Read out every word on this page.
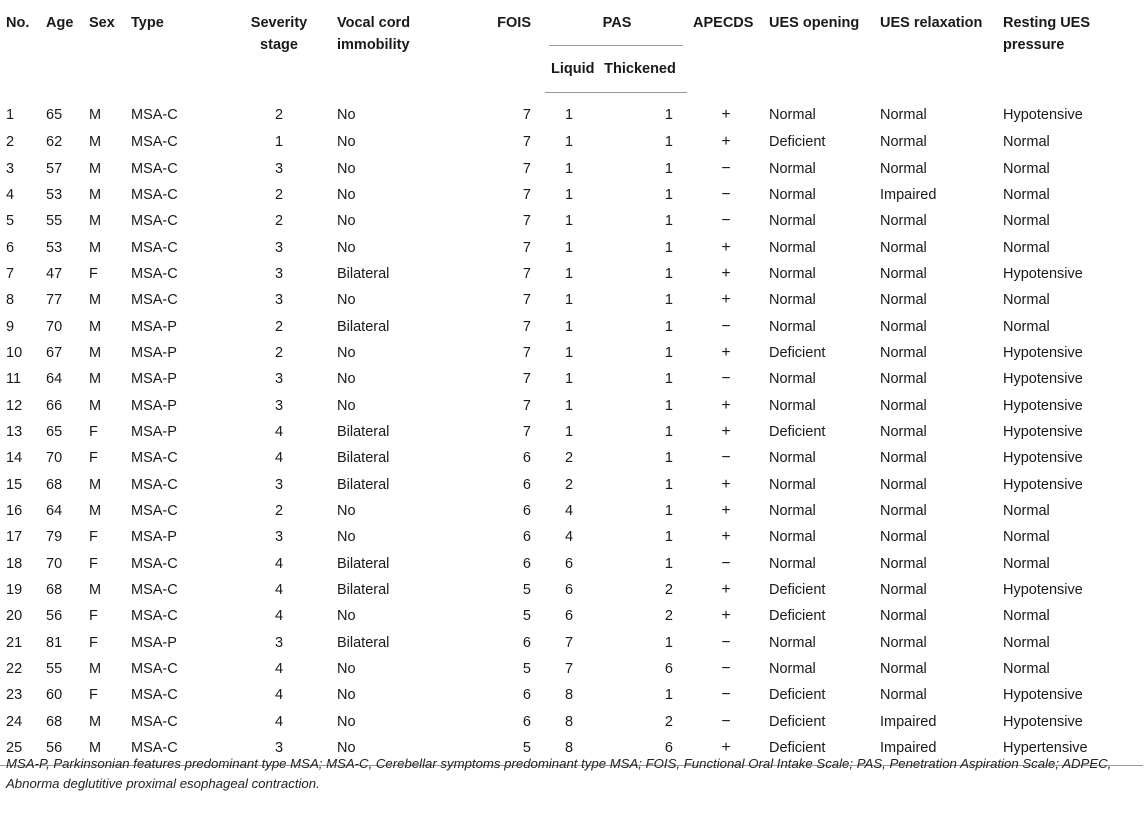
No.	Age	Sex	Type	Severity stage	Vocal cord immobility	FOIS	PAS		APECDS	UES opening	UES relaxation	Resting UES pressure
							Liquid	Thickened				
1	65	M	MSA-C	2	No	7	1	1	+	Normal	Normal	Hypotensive
2	62	M	MSA-C	1	No	7	1	1	+	Deficient	Normal	Normal
3	57	M	MSA-C	3	No	7	1	1	−	Normal	Normal	Normal
4	53	M	MSA-C	2	No	7	1	1	−	Normal	Impaired	Normal
5	55	M	MSA-C	2	No	7	1	1	−	Normal	Normal	Normal
6	53	M	MSA-C	3	No	7	1	1	+	Normal	Normal	Normal
7	47	F	MSA-C	3	Bilateral	7	1	1	+	Normal	Normal	Hypotensive
8	77	M	MSA-C	3	No	7	1	1	+	Normal	Normal	Normal
9	70	M	MSA-P	2	Bilateral	7	1	1	−	Normal	Normal	Normal
10	67	M	MSA-P	2	No	7	1	1	+	Deficient	Normal	Hypotensive
11	64	M	MSA-P	3	No	7	1	1	−	Normal	Normal	Hypotensive
12	66	M	MSA-P	3	No	7	1	1	+	Normal	Normal	Hypotensive
13	65	F	MSA-P	4	Bilateral	7	1	1	+	Deficient	Normal	Hypotensive
14	70	F	MSA-C	4	Bilateral	6	2	1	−	Normal	Normal	Hypotensive
15	68	M	MSA-C	3	Bilateral	6	2	1	+	Normal	Normal	Hypotensive
16	64	M	MSA-C	2	No	6	4	1	+	Normal	Normal	Normal
17	79	F	MSA-P	3	No	6	4	1	+	Normal	Normal	Normal
18	70	F	MSA-C	4	Bilateral	6	6	1	−	Normal	Normal	Normal
19	68	M	MSA-C	4	Bilateral	5	6	2	+	Deficient	Normal	Hypotensive
20	56	F	MSA-C	4	No	5	6	2	+	Deficient	Normal	Normal
21	81	F	MSA-P	3	Bilateral	6	7	1	−	Normal	Normal	Normal
22	55	M	MSA-C	4	No	5	7	6	−	Normal	Normal	Normal
23	60	F	MSA-C	4	No	6	8	1	−	Deficient	Normal	Hypotensive
24	68	M	MSA-C	4	No	6	8	2	−	Deficient	Impaired	Hypotensive
25	56	M	MSA-C	3	No	5	8	6	+	Deficient	Impaired	Hypertensive
MSA-P, Parkinsonian features predominant type MSA; MSA-C, Cerebellar symptoms predominant type MSA; FOIS, Functional Oral Intake Scale; PAS, Penetration Aspiration Scale; ADPEC, Abnorma deglutitive proximal esophageal contraction.
